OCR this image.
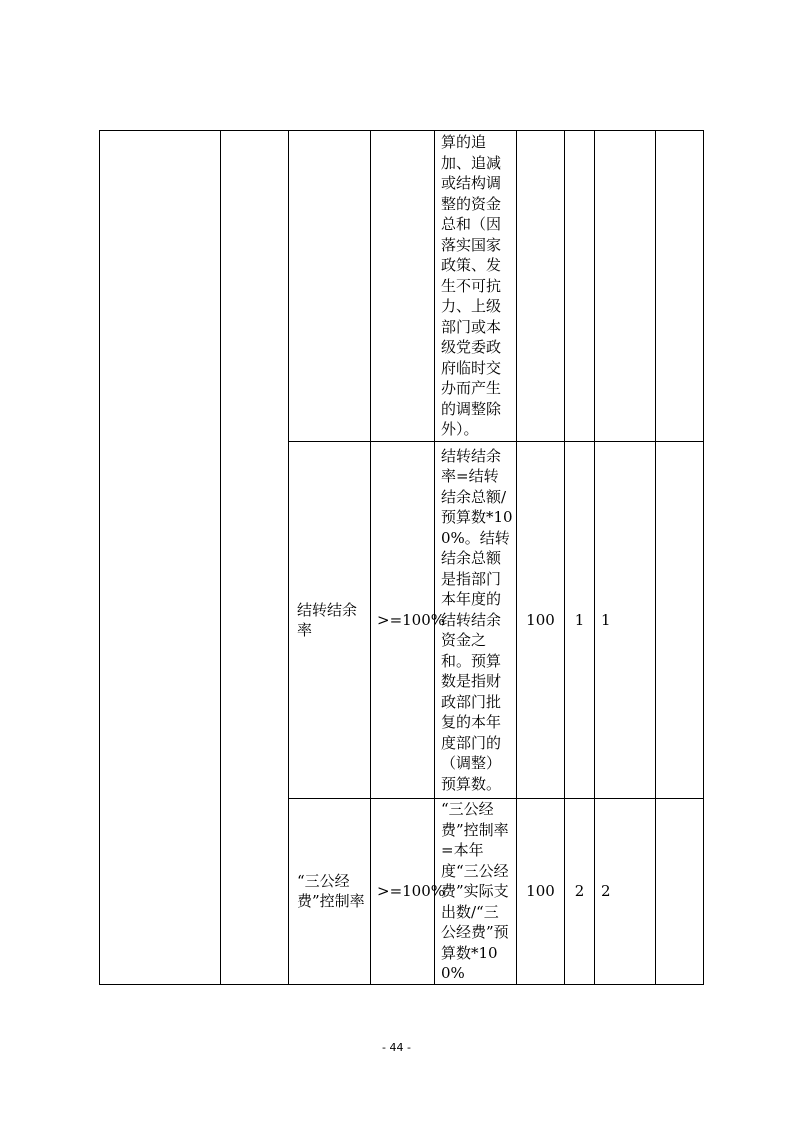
				算的追加、追减或结构调整的资金总和（因落实国家政策、发生不可抗力、上级部门或本级党委政府临时交办而产生的调整除外）。				
		结转结余率	>=100%	结转结余率=结转结余总额/预算数*100%。结转结余总额是指部门本年度的结转结余资金之和。预算数是指财政部门批复的本年度部门的（调整）预算数。	100	1	1	
		“三公经费”控制率	>=100%	“三公经费”控制率=本年度“三公经费”实际支出数/“三公经费”预算数*100%	100	2	2	
- 44 -
